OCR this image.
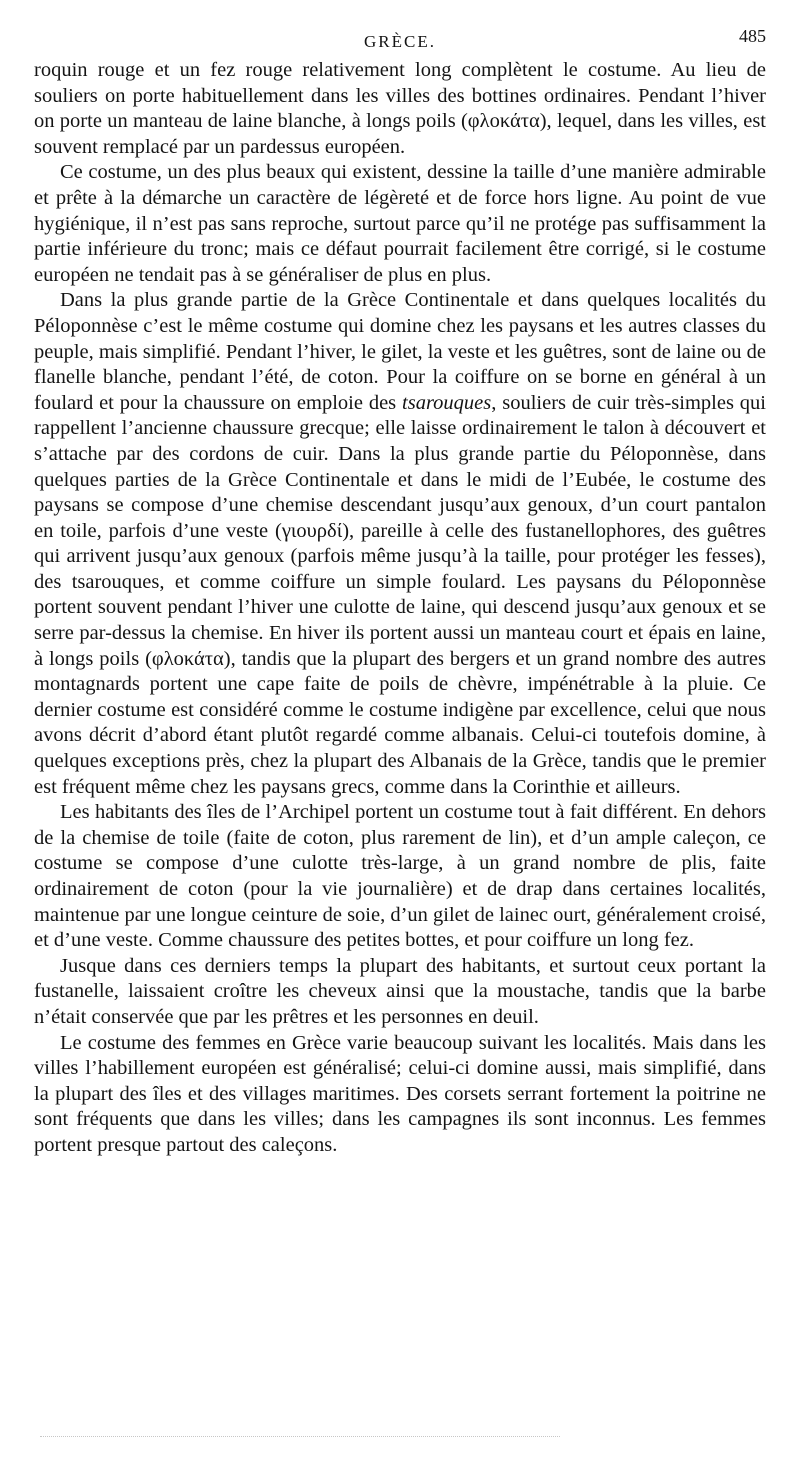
GRÈCE.	485

roquin rouge et un fez rouge relativement long complètent le costume. Au lieu de souliers on porte habituellement dans les villes des bottines ordinaires. Pendant l’hiver on porte un manteau de laine blanche, à longs poils (φλοκάτα), lequel, dans les villes, est souvent remplacé par un pardessus européen.

Ce costume, un des plus beaux qui existent, dessine la taille d’une manière admirable et prête à la démarche un caractère de légèreté et de force hors ligne. Au point de vue hygiénique, il n’est pas sans reproche, surtout parce qu’il ne protége pas suffisamment la partie inférieure du tronc; mais ce défaut pourrait facilement être corrigé, si le costume européen ne tendait pas à se généraliser de plus en plus.

Dans la plus grande partie de la Grèce Continentale et dans quelques localités du Péloponnèse c’est le même costume qui domine chez les paysans et les autres classes du peuple, mais simplifié. Pendant l’hiver, le gilet, la veste et les guêtres, sont de laine ou de flanelle blanche, pendant l’été, de coton. Pour la coiffure on se borne en général à un foulard et pour la chaussure on emploie des tsarouques, souliers de cuir très-simples qui rappellent l’ancienne chaussure grecque; elle laisse ordinairement le talon à découvert et s’attache par des cordons de cuir. Dans la plus grande partie du Péloponnèse, dans quelques parties de la Grèce Continentale et dans le midi de l’Eubée, le costume des paysans se compose d’une chemise descendant jusqu’aux genoux, d’un court pantalon en toile, parfois d’une veste (γιουρδί), pareille à celle des fustanellophores, des guêtres qui arrivent jusqu’aux genoux (parfois même jusqu’à la taille, pour protéger les fesses), des tsarouques, et comme coiffure un simple foulard. Les paysans du Péloponnèse portent souvent pendant l’hiver une culotte de laine, qui descend jusqu’aux genoux et se serre par-dessus la chemise. En hiver ils portent aussi un manteau court et épais en laine, à longs poils (φλοκάτα), tandis que la plupart des bergers et un grand nombre des autres montagnards portent une cape faite de poils de chèvre, impénétrable à la pluie. Ce dernier costume est considéré comme le costume indigène par excellence, celui que nous avons décrit d’abord étant plutôt regardé comme albanais. Celui-ci toutefois domine, à quelques exceptions près, chez la plupart des Albanais de la Grèce, tandis que le premier est fréquent même chez les paysans grecs, comme dans la Corinthie et ailleurs.

Les habitants des îles de l’Archipel portent un costume tout à fait différent. En dehors de la chemise de toile (faite de coton, plus rarement de lin), et d’un ample caleçon, ce costume se compose d’une culotte très-large, à un grand nombre de plis, faite ordinairement de coton (pour la vie journalière) et de drap dans certaines localités, maintenue par une longue ceinture de soie, d’un gilet de lainec ourt, généralement croisé, et d’une veste. Comme chaussure des petites bottes, et pour coiffure un long fez.

Jusque dans ces derniers temps la plupart des habitants, et surtout ceux portant la fustanelle, laissaient croître les cheveux ainsi que la moustache, tandis que la barbe n’était conservée que par les prêtres et les personnes en deuil.

Le costume des femmes en Grèce varie beaucoup suivant les localités. Mais dans les villes l’habillement européen est généralisé; celui-ci domine aussi, mais simplifié, dans la plupart des îles et des villages maritimes. Des corsets serrant fortement la poitrine ne sont fréquents que dans les villes; dans les campagnes ils sont inconnus. Les femmes portent presque partout des caleçons.
